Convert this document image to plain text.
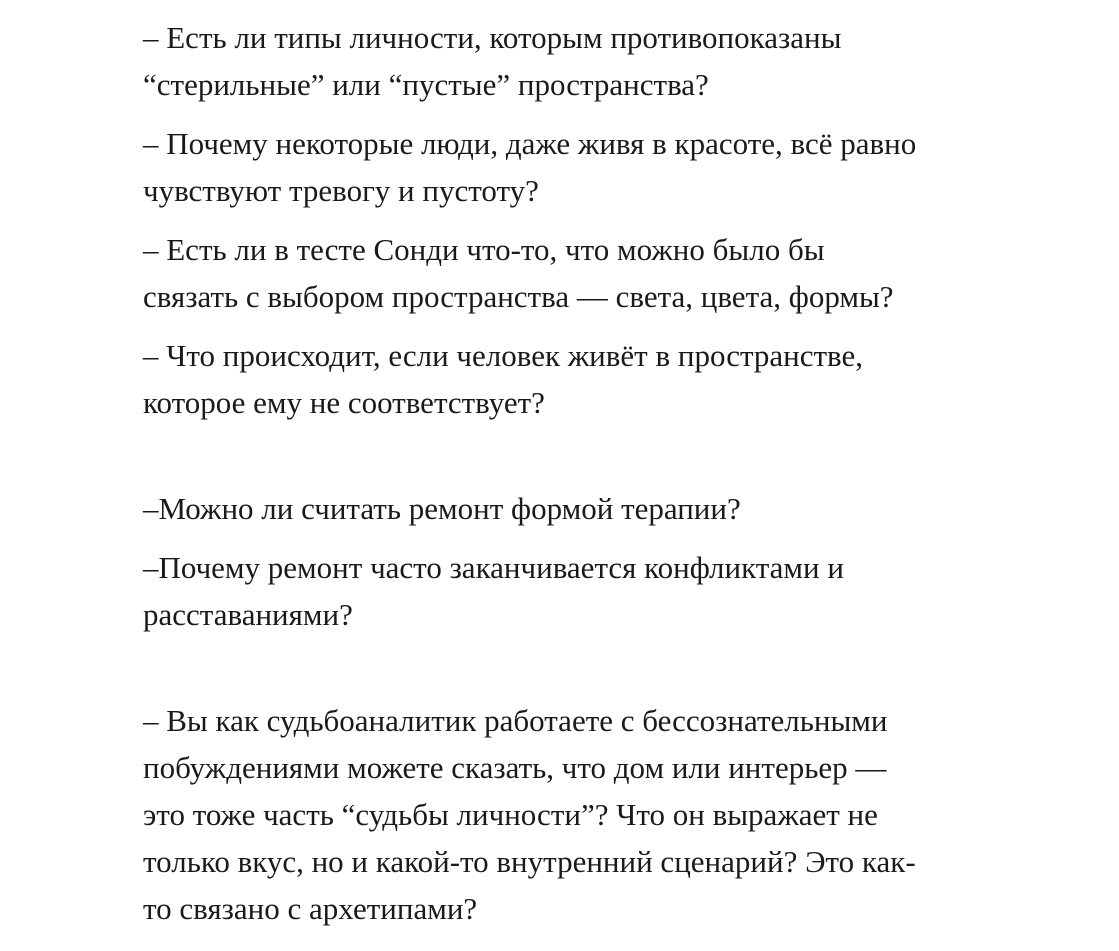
– Есть ли типы личности, которым противопоказаны
“стерильные” или “пустые” пространства?

– Почему некоторые люди, даже живя в красоте, всё равно
чувствуют тревогу и пустоту?

– Есть ли в тесте Сонди что-то, что можно было бы
связать с выбором пространства — света, цвета, формы?

– Что происходит, если человек живёт в пространстве,
которое ему не соответствует?

–Можно ли считать ремонт формой терапии?

–Почему ремонт часто заканчивается конфликтами и
расставаниями?

– Вы как судьбоаналитик работаете с бессознательными
побуждениями можете сказать, что дом или интерьер —
это тоже часть “судьбы личности”? Что он выражает не
только вкус, но и какой-то внутренний сценарий? Это как-
то связано с архетипами?
